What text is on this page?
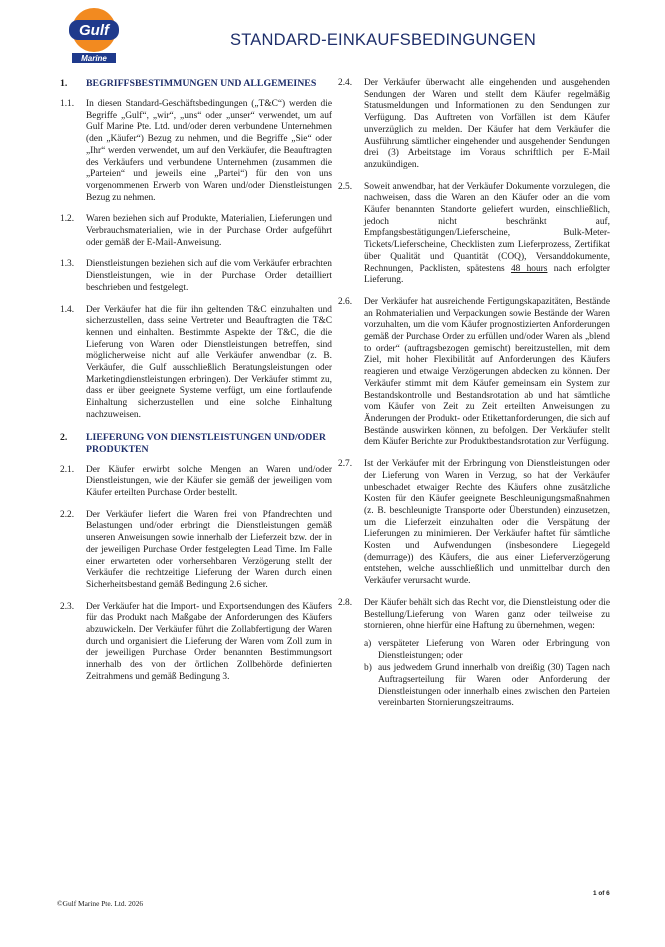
Gulf
Marine
STANDARD-EINKAUFSBEDINGUNGEN
1. BEGRIFFSBESTIMMUNGEN UND ALLGEMEINES
1.1. In diesen Standard-Geschäftsbedingungen („T&C“) werden die Begriffe „Gulf“, „wir“, „uns“ oder „unser“ verwendet, um auf Gulf Marine Pte. Ltd. und/oder deren verbundene Unternehmen (den „Käufer“) Bezug zu nehmen, und die Begriffe „Sie“ oder „Ihr“ werden verwendet, um auf den Verkäufer, die Beauftragten des Verkäufers und verbundene Unternehmen (zusammen die „Parteien“ und jeweils eine „Partei“) für den von uns vorgenommenen Erwerb von Waren und/oder Dienstleistungen Bezug zu nehmen.
1.2. Waren beziehen sich auf Produkte, Materialien, Lieferungen und Verbrauchsmaterialien, wie in der Purchase Order aufgeführt oder gemäß der E-Mail-Anweisung.
1.3. Dienstleistungen beziehen sich auf die vom Verkäufer erbrachten Dienstleistungen, wie in der Purchase Order detailliert beschrieben und festgelegt.
1.4. Der Verkäufer hat die für ihn geltenden T&C einzuhalten und sicherzustellen, dass seine Vertreter und Beauftragten die T&C kennen und einhalten. Bestimmte Aspekte der T&C, die die Lieferung von Waren oder Dienstleistungen betreffen, sind möglicherweise nicht auf alle Verkäufer anwendbar (z. B. Verkäufer, die Gulf ausschließlich Beratungsleistungen oder Marketingdienstleistungen erbringen). Der Verkäufer stimmt zu, dass er über geeignete Systeme verfügt, um eine fortlaufende Einhaltung sicherzustellen und eine solche Einhaltung nachzuweisen.
2. LIEFERUNG VON DIENSTLEISTUNGEN UND/ODER PRODUKTEN
2.1. Der Käufer erwirbt solche Mengen an Waren und/oder Dienstleistungen, wie der Käufer sie gemäß der jeweiligen vom Käufer erteilten Purchase Order bestellt.
2.2. Der Verkäufer liefert die Waren frei von Pfandrechten und Belastungen und/oder erbringt die Dienstleistungen gemäß unseren Anweisungen sowie innerhalb der Lieferzeit bzw. der in der jeweiligen Purchase Order festgelegten Lead Time. Im Falle einer erwarteten oder vorhersehbaren Verzögerung stellt der Verkäufer die rechtzeitige Lieferung der Waren durch einen Sicherheitsbestand gemäß Bedingung 2.6 sicher.
2.3. Der Verkäufer hat die Import- und Exportsendungen des Käufers für das Produkt nach Maßgabe der Anforderungen des Käufers abzuwickeln. Der Verkäufer führt die Zollabfertigung der Waren durch und organisiert die Lieferung der Waren vom Zoll zum in der jeweiligen Purchase Order benannten Bestimmungsort innerhalb des von der örtlichen Zollbehörde definierten Zeitrahmens und gemäß Bedingung 3.
2.4. Der Verkäufer überwacht alle eingehenden und ausgehenden Sendungen der Waren und stellt dem Käufer regelmäßig Statusmeldungen und Informationen zu den Sendungen zur Verfügung. Das Auftreten von Vorfällen ist dem Käufer unverzüglich zu melden. Der Käufer hat dem Verkäufer die Ausführung sämtlicher eingehender und ausgehender Sendungen drei (3) Arbeitstage im Voraus schriftlich per E-Mail anzukündigen.
2.5. Soweit anwendbar, hat der Verkäufer Dokumente vorzulegen, die nachweisen, dass die Waren an den Käufer oder an die vom Käufer benannten Standorte geliefert wurden, einschließlich, jedoch nicht beschränkt auf, Empfangsbestätigungen/Lieferscheine, Bulk-Meter-Tickets/Lieferscheine, Checklisten zum Lieferprozess, Zertifikat über Qualität und Quantität (COQ), Versanddokumente, Rechnungen, Packlisten, spätestens 48 hours nach erfolgter Lieferung.
2.6. Der Verkäufer hat ausreichende Fertigungskapazitäten, Bestände an Rohmaterialien und Verpackungen sowie Bestände der Waren vorzuhalten, um die vom Käufer prognostizierten Anforderungen gemäß der Purchase Order zu erfüllen und/oder Waren als „blend to order“ (auftragsbezogen gemischt) bereitzustellen, mit dem Ziel, mit hoher Flexibilität auf Anforderungen des Käufers reagieren und etwaige Verzögerungen abdecken zu können. Der Verkäufer stimmt mit dem Käufer gemeinsam ein System zur Bestandskontrolle und Bestandsrotation ab und hat sämtliche vom Käufer von Zeit zu Zeit erteilten Anweisungen zu Änderungen der Produkt- oder Etikettanforderungen, die sich auf Bestände auswirken können, zu befolgen. Der Verkäufer stellt dem Käufer Berichte zur Produktbestandsrotation zur Verfügung.
2.7. Ist der Verkäufer mit der Erbringung von Dienstleistungen oder der Lieferung von Waren in Verzug, so hat der Verkäufer unbeschadet etwaiger Rechte des Käufers ohne zusätzliche Kosten für den Käufer geeignete Beschleunigungsmaßnahmen (z. B. beschleunigte Transporte oder Überstunden) einzusetzen, um die Lieferzeit einzuhalten oder die Verspätung der Lieferungen zu minimieren. Der Verkäufer haftet für sämtliche Kosten und Aufwendungen (insbesondere Liegegeld (demurrage)) des Käufers, die aus einer Lieferverzögerung entstehen, welche ausschließlich und unmittelbar durch den Verkäufer verursacht wurde.
2.8. Der Käufer behält sich das Recht vor, die Dienstleistung oder die Bestellung/Lieferung von Waren ganz oder teilweise zu stornieren, ohne hierfür eine Haftung zu übernehmen, wegen:
a) verspäteter Lieferung von Waren oder Erbringung von Dienstleistungen; oder
b) aus jedwedem Grund innerhalb von dreißig (30) Tagen nach Auftragserteilung für Waren oder Anforderung der Dienstleistungen oder innerhalb eines zwischen den Parteien vereinbarten Stornierungszeitraums.
1 of 6
©Gulf Marine Pte. Ltd. 2026
